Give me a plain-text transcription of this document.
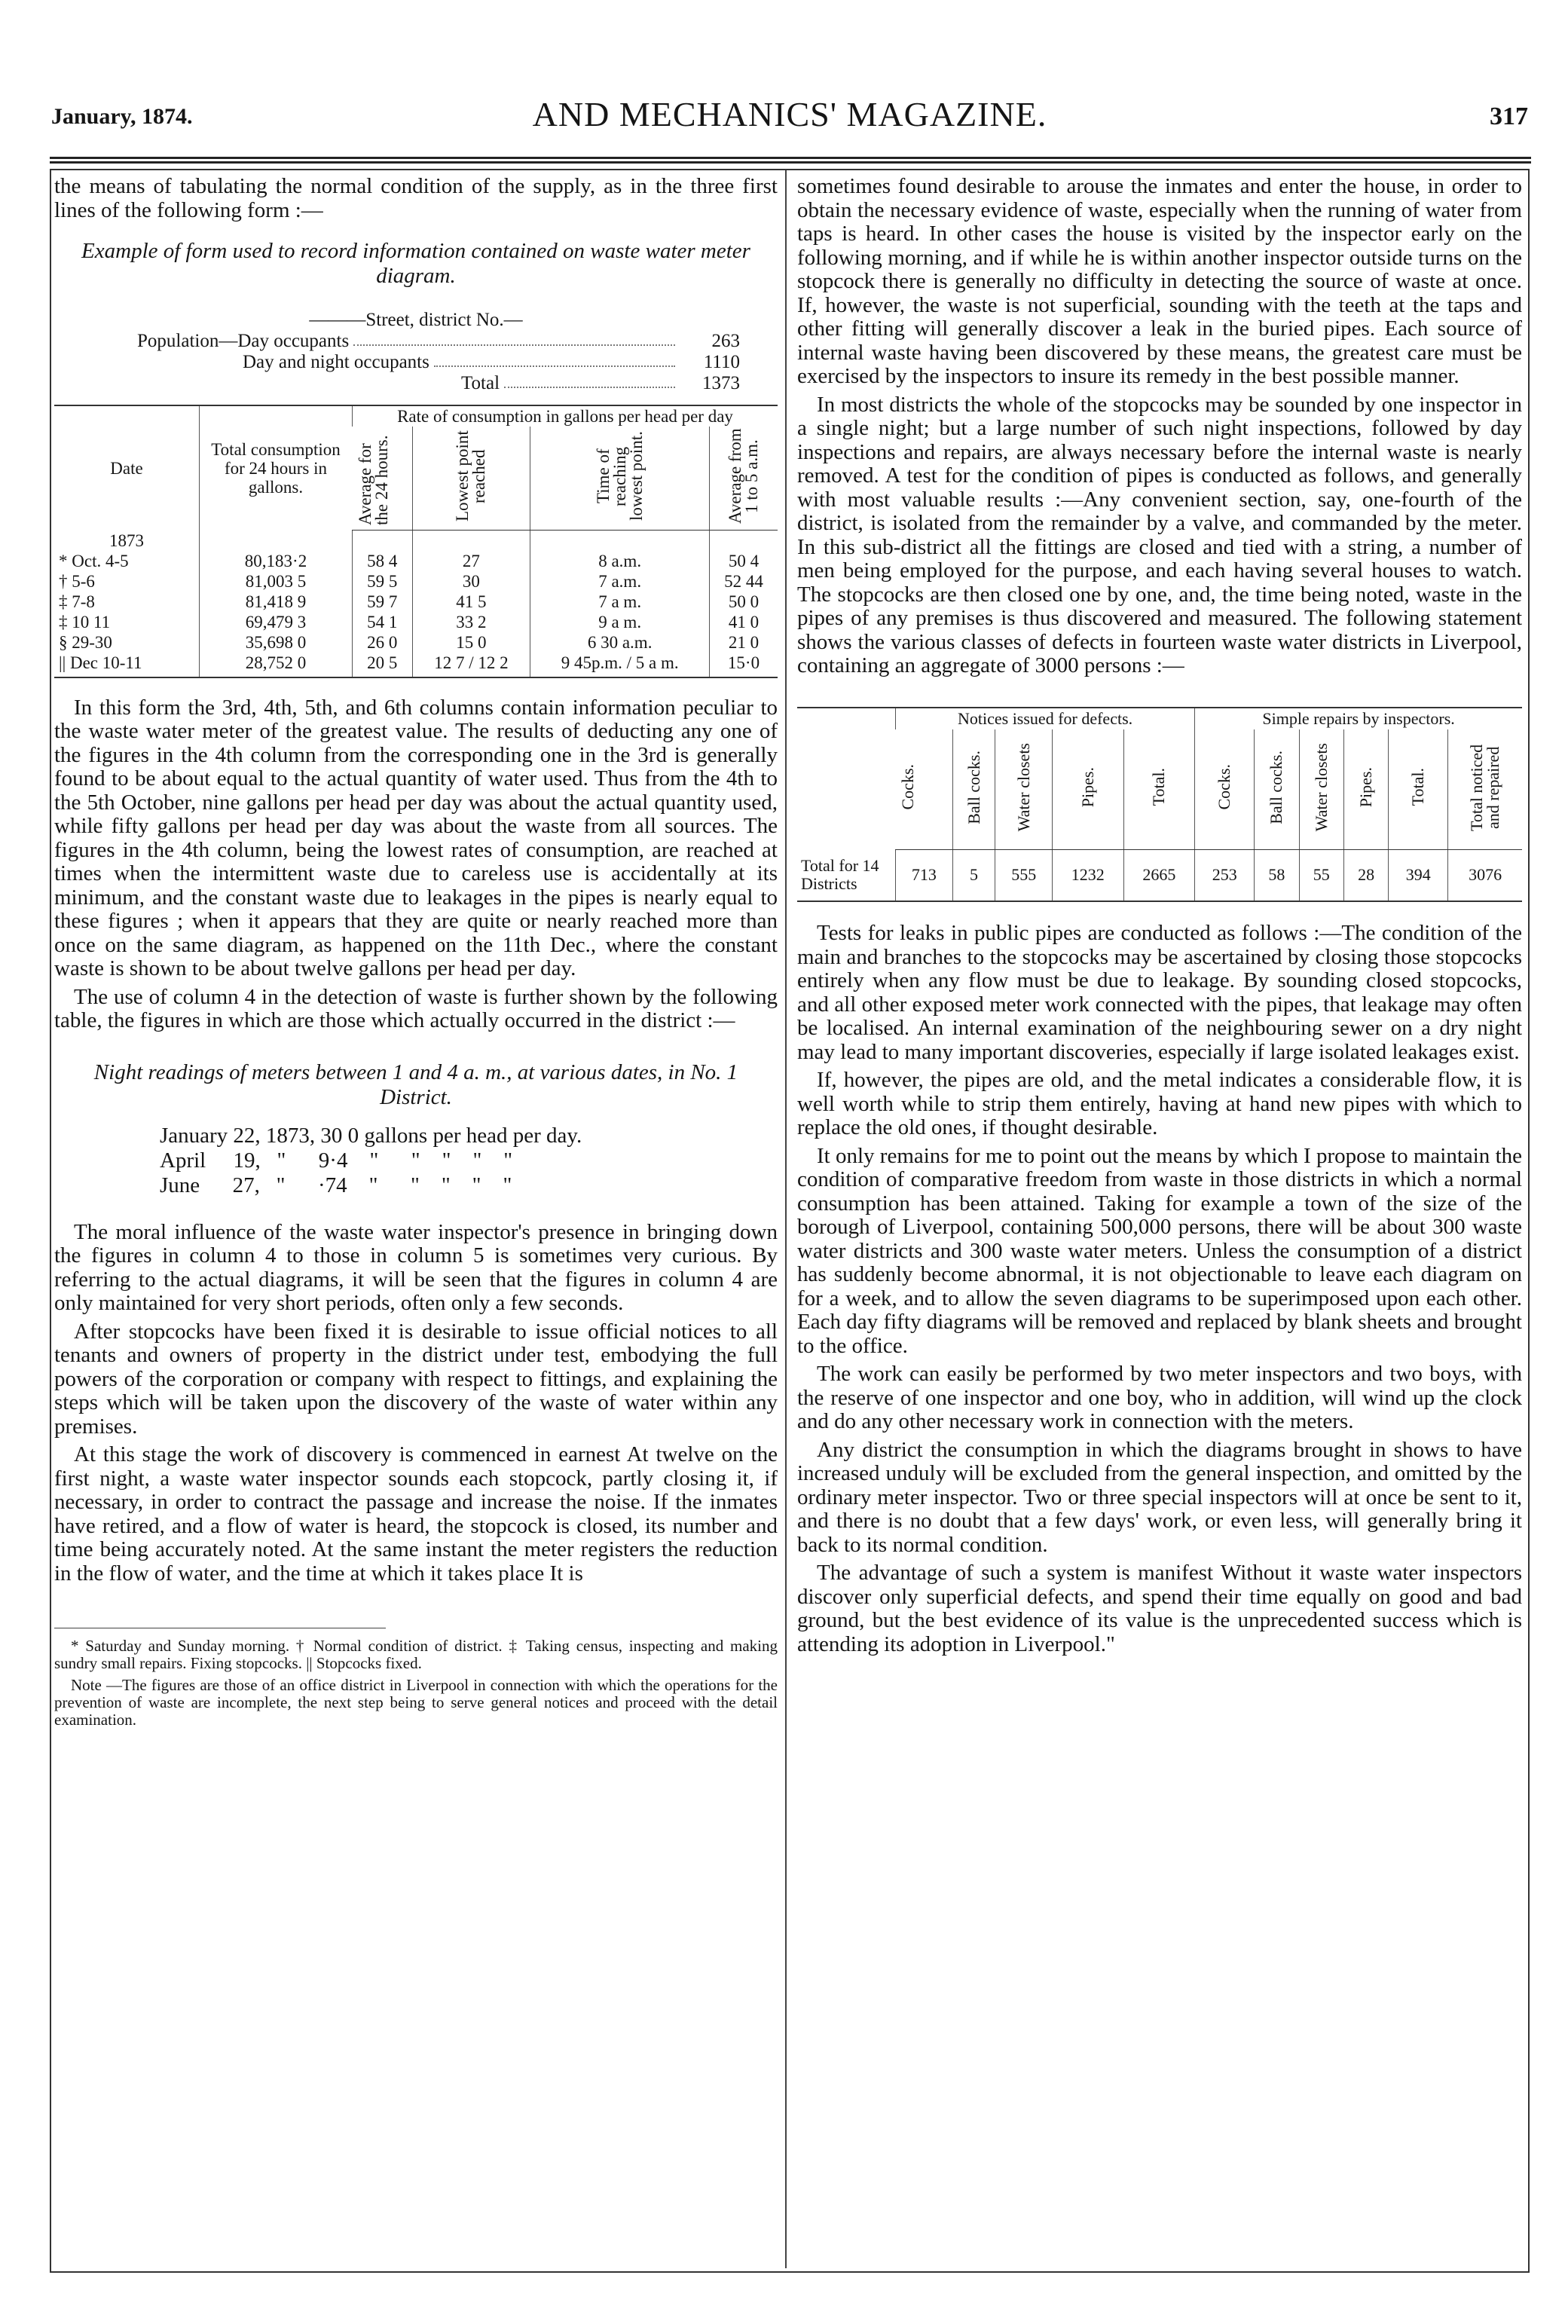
January, 1874.	AND MECHANICS' MAGAZINE.	317

the means of tabulating the normal condition of the supply, as in the three first lines of the following form :—

Example of form used to record information contained on waste water meter diagram.

———Street, district No.—
Population—Day occupants	263
Day and night occupants	1110
Total	1373
Date	Total consumption for 24 hours in gallons.	Rate of consumption in gallons per head per day			
		Average for the 24 hours.	Lowest point reached	Time of reaching lowest point.	Average from 1 to 5 a.m.
1873					
* Oct. 4-5	80,183·2	58 4	27	8 a.m.	50 4
† 5-6	81,003 5	59 5	30	7 a.m.	52 44
‡ 7-8	81,418 9	59 7	41 5	7 a m.	50 0
‡ 10 11	69,479 3	54 1	33 2	9 a m.	41 0
§ 29-30	35,698 0	26 0	15 0	6 30 a.m.	21 0
|| Dec 10-11	28,752 0	20 5	12 7 / 12 2	9 45p.m. / 5 a m.	15·0

In this form the 3rd, 4th, 5th, and 6th columns contain information peculiar to the waste water meter of the greatest value. The results of deducting any one of the figures in the 4th column from the corresponding one in the 3rd is generally found to be about equal to the actual quantity of water used. Thus from the 4th to the 5th October, nine gallons per head per day was about the actual quantity used, while fifty gallons per head per day was about the waste from all sources. The figures in the 4th column, being the lowest rates of consumption, are reached at times when the intermittent waste due to careless use is accidentally at its minimum, and the constant waste due to leakages in the pipes is nearly equal to these figures ; when it appears that they are quite or nearly reached more than once on the same diagram, as happened on the 11th Dec., where the constant waste is shown to be about twelve gallons per head per day.

The use of column 4 in the detection of waste is further shown by the following table, the figures in which are those which actually occurred in the district :—

Night readings of meters between 1 and 4 a. m., at various dates, in No. 1 District.

January 22, 1873, 30 0 gallons per head per day.
April     19,   "      9·4    "      "    "    "    "
June      27,   "      ·74    "      "    "    "    "

The moral influence of the waste water inspector's presence in bringing down the figures in column 4 to those in column 5 is sometimes very curious. By referring to the actual diagrams, it will be seen that the figures in column 4 are only maintained for very short periods, often only a few seconds.

After stopcocks have been fixed it is desirable to issue official notices to all tenants and owners of property in the district under test, embodying the full powers of the corporation or company with respect to fittings, and explaining the steps which will be taken upon the discovery of the waste of water within any premises.

At this stage the work of discovery is commenced in earnest At twelve on the first night, a waste water inspector sounds each stopcock, partly closing it, if necessary, in order to contract the passage and increase the noise. If the inmates have retired, and a flow of water is heard, the stopcock is closed, its number and time being accurately noted. At the same instant the meter registers the reduction in the flow of water, and the time at which it takes place It is

* Saturday and Sunday morning. † Normal condition of district. ‡ Taking census, inspecting and making sundry small repairs. Fixing stopcocks. || Stopcocks fixed.

Note —The figures are those of an office district in Liverpool in connection with which the operations for the prevention of waste are incomplete, the next step being to serve general notices and proceed with the detail examination.

sometimes found desirable to arouse the inmates and enter the house, in order to obtain the necessary evidence of waste, especially when the running of water from taps is heard. In other cases the house is visited by the inspector early on the following morning, and if while he is within another inspector outside turns on the stopcock there is generally no difficulty in detecting the source of waste at once. If, however, the waste is not superficial, sounding with the teeth at the taps and other fitting will generally discover a leak in the buried pipes. Each source of internal waste having been discovered by these means, the greatest care must be exercised by the inspectors to insure its remedy in the best possible manner.

In most districts the whole of the stopcocks may be sounded by one inspector in a single night; but a large number of such night inspections, followed by day inspections and repairs, are always necessary before the internal waste is nearly removed. A test for the condition of pipes is conducted as follows, and generally with most valuable results :—Any convenient section, say, one-fourth of the district, is isolated from the remainder by a valve, and commanded by the meter. In this sub-district all the fittings are closed and tied with a string, a number of men being employed for the purpose, and each having several houses to watch. The stopcocks are then closed one by one, and, the time being noted, waste in the pipes of any premises is thus discovered and measured. The following statement shows the various classes of defects in fourteen waste water districts in Liverpool, containing an aggregate of 3000 persons :—

	Notices issued for defects.					Simple repairs by inspectors.					
	Cocks.	Ball cocks.	Water closets	Pipes.	Total.	Cocks.	Ball cocks.	Water closets	Pipes.	Total.	Total noticed and repaired
Total for 14 Districts	713	5	555	1232	2665	253	58	55	28	394	3076

Tests for leaks in public pipes are conducted as follows :—The condition of the main and branches to the stopcocks may be ascertained by closing those stopcocks entirely when any flow must be due to leakage. By sounding closed stopcocks, and all other exposed meter work connected with the pipes, that leakage may often be localised. An internal examination of the neighbouring sewer on a dry night may lead to many important discoveries, especially if large isolated leakages exist.

If, however, the pipes are old, and the metal indicates a considerable flow, it is well worth while to strip them entirely, having at hand new pipes with which to replace the old ones, if thought desirable.

It only remains for me to point out the means by which I propose to maintain the condition of comparative freedom from waste in those districts in which a normal consumption has been attained. Taking for example a town of the size of the borough of Liverpool, containing 500,000 persons, there will be about 300 waste water districts and 300 waste water meters. Unless the consumption of a district has suddenly become abnormal, it is not objectionable to leave each diagram on for a week, and to allow the seven diagrams to be superimposed upon each other. Each day fifty diagrams will be removed and replaced by blank sheets and brought to the office.

The work can easily be performed by two meter inspectors and two boys, with the reserve of one inspector and one boy, who in addition, will wind up the clock and do any other necessary work in connection with the meters.

Any district the consumption in which the diagrams brought in shows to have increased unduly will be excluded from the general inspection, and omitted by the ordinary meter inspector. Two or three special inspectors will at once be sent to it, and there is no doubt that a few days' work, or even less, will generally bring it back to its normal condition.

The advantage of such a system is manifest Without it waste water inspectors discover only superficial defects, and spend their time equally on good and bad ground, but the best evidence of its value is the unprecedented success which is attending its adoption in Liverpool."
